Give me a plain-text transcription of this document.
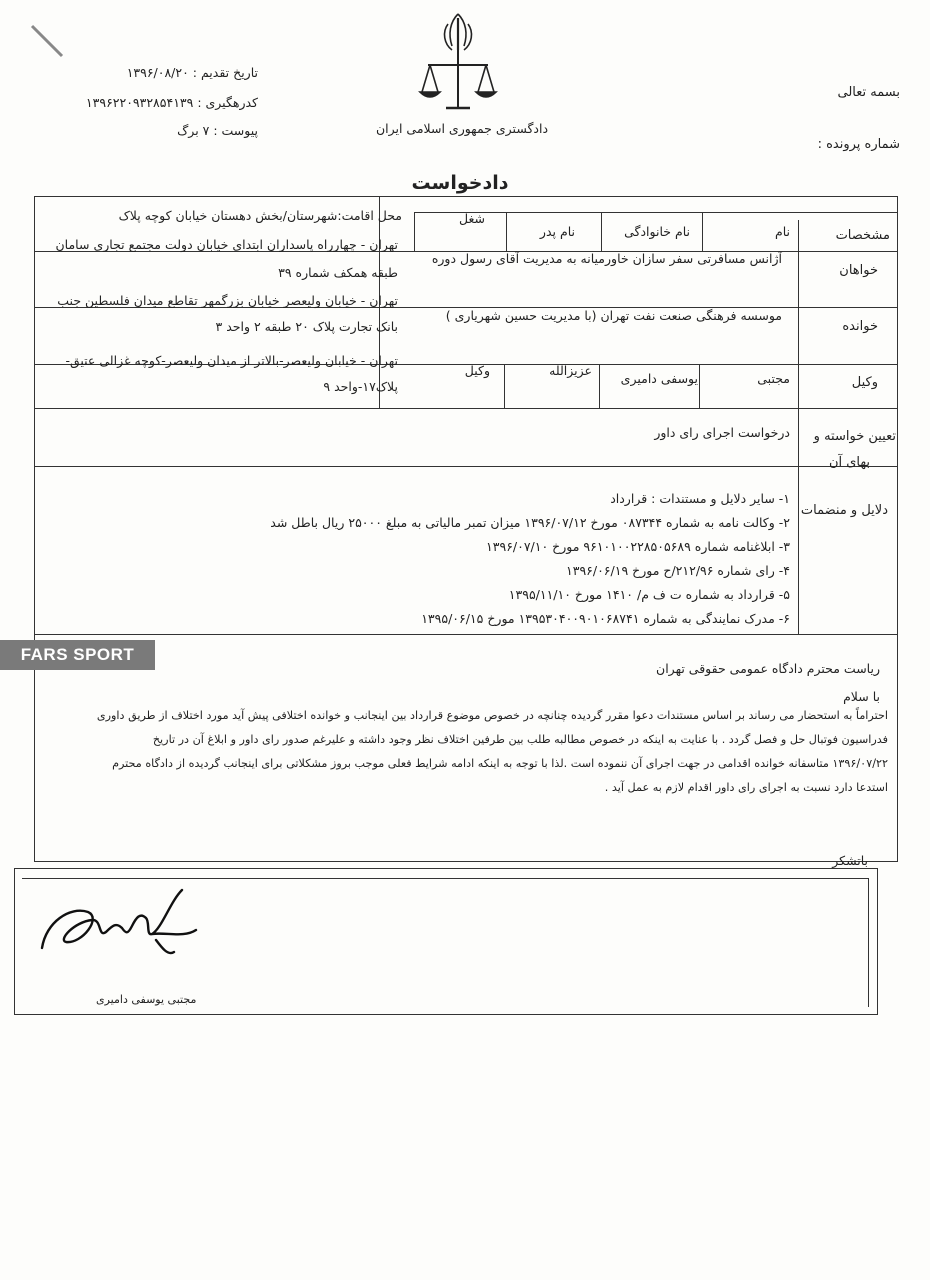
بسمه تعالی
شماره پرونده :
دادگستری جمهوری اسلامی ایران
تاریخ تقدیم : ۱۳۹۶/۰۸/۲۰
کدرهگیری : ۱۳۹۶۲۲۰۹۳۲۸۵۴۱۳۹
پیوست : ۷ برگ
دادخواست
مشخصات
نام
نام خانوادگی
نام پدر
شغل
محل اقامت:شهرستان/بخش دهستان خیابان کوچه پلاک
خواهان
آژانس مسافرتی سفر سازان خاورمیانه به مدیریت آقای رسول دوره
تهران - چهارراه پاسداران ابتدای خیابان دولت مجتمع تجاری سامان
طبقه همکف شماره ۳۹
خوانده
موسسه فرهنگی صنعت نفت تهران (با مدیریت حسین شهریاری )
تهران - خیابان ولیعصر خیابان بزرگمهر تقاطع میدان فلسطین جنب
بانک تجارت پلاک ۲۰ طبقه ۲ واحد ۳
وکیل
مجتبی
یوسفی دامیری
عزیزالله
وکیل
تهران - خیابان ولیعصر-بالاتر از میدان ولیعصر-کوچه غزالی عتیق-
پلاک۱۷-واحد ۹
تعیین خواسته و
بهای آن
درخواست اجرای رای داور
دلایل و منضمات
۱- سایر دلایل و مستندات : قرارداد
۲- وکالت نامه به شماره ۰۸۷۳۴۴ مورخ ۱۳۹۶/۰۷/۱۲ میزان تمبر مالیاتی به مبلغ ۲۵۰۰۰ ریال باطل شد
۳- ابلاغنامه شماره ۹۶۱۰۱۰۰۲۲۸۵۰۵۶۸۹ مورخ ۱۳۹۶/۰۷/۱۰
۴- رای شماره ۲۱۲/۹۶/ح مورخ ۱۳۹۶/۰۶/۱۹
۵- قرارداد به شماره ت ف م/ ۱۴۱۰ مورخ ۱۳۹۵/۱۱/۱۰
۶- مدرک نمایندگی به شماره ۱۳۹۵۳۰۴۰۰۹۰۱۰۶۸۷۴۱ مورخ ۱۳۹۵/۰۶/۱۵
ریاست محترم دادگاه عمومی حقوقی تهران
با سلام
احتراماً به استحضار می رساند بر اساس مستندات دعوا مقرر گردیده چنانچه در خصوص موضوع قرارداد بین اینجانب و خوانده اختلافی پیش آید مورد اختلاف از طریق داوری
فدراسیون فوتبال حل و فصل گردد . با عنایت به اینکه در خصوص مطالبه طلب بین طرفین اختلاف نظر وجود داشته و علیرغم صدور رای داور و ابلاغ آن در تاریخ
۱۳۹۶/۰۷/۲۲ متاسفانه خوانده اقدامی در جهت اجرای آن ننموده است .لذا با توجه به اینکه ادامه شرایط فعلی موجب بروز مشکلاتی برای اینجانب گردیده از دادگاه محترم
استدعا دارد نسبت به اجرای رای داور اقدام لازم به عمل آید .
باتشکر
مجتبی یوسفی دامیری
FARS SPORT
